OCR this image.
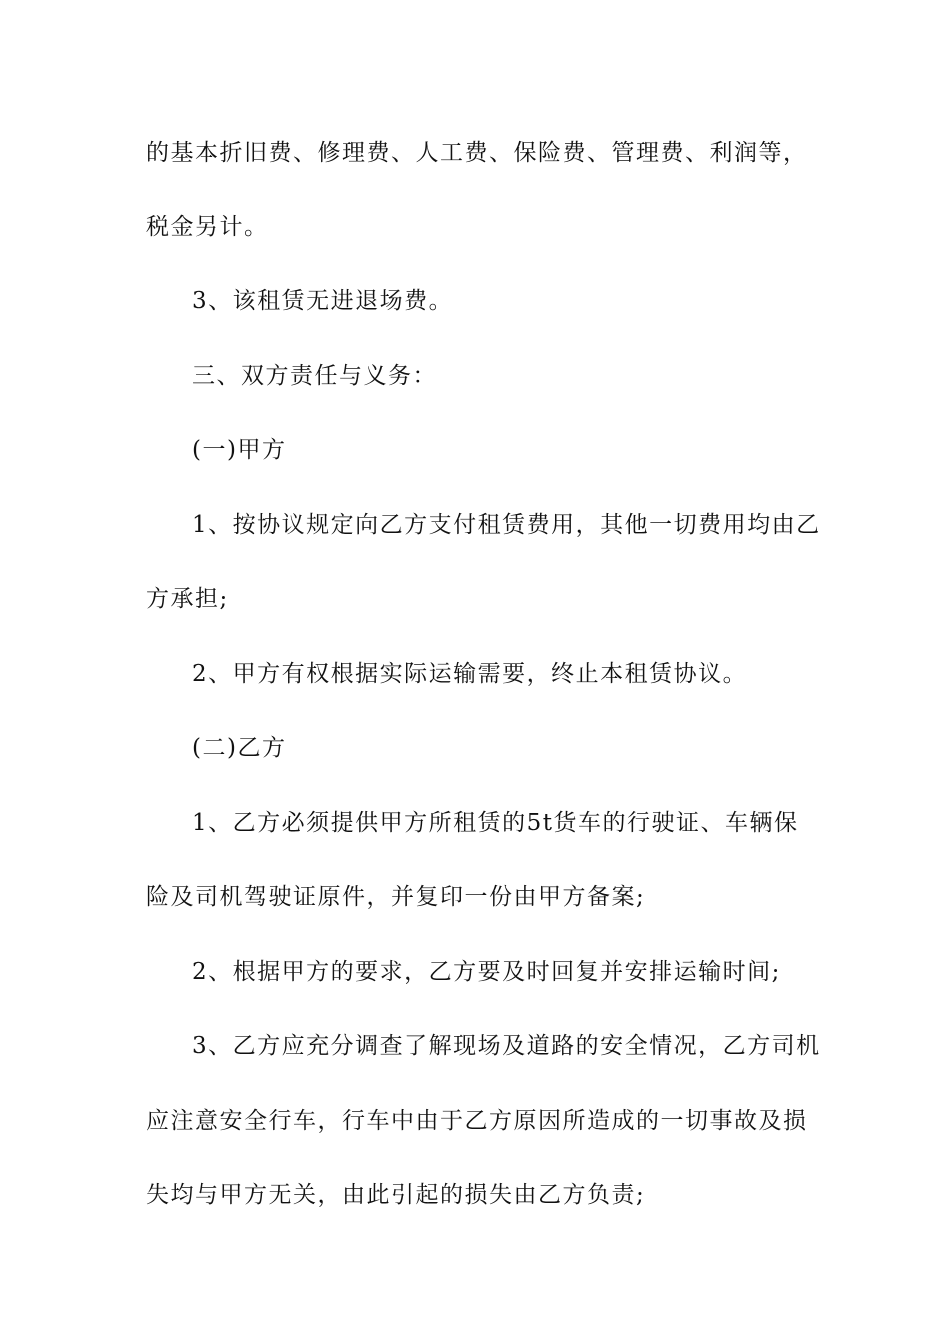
的基本折旧费、修理费、人工费、保险费、管理费、利润等，
税金另计。
3、该租赁无进退场费。
三、双方责任与义务：
(一)甲方
1、按协议规定向乙方支付租赁费用，其他一切费用均由乙
方承担;
2、甲方有权根据实际运输需要，终止本租赁协议。
(二)乙方
1、乙方必须提供甲方所租赁的5t货车的行驶证、车辆保
险及司机驾驶证原件，并复印一份由甲方备案;
2、根据甲方的要求，乙方要及时回复并安排运输时间;
3、乙方应充分调查了解现场及道路的安全情况，乙方司机
应注意安全行车，行车中由于乙方原因所造成的一切事故及损
失均与甲方无关，由此引起的损失由乙方负责;
